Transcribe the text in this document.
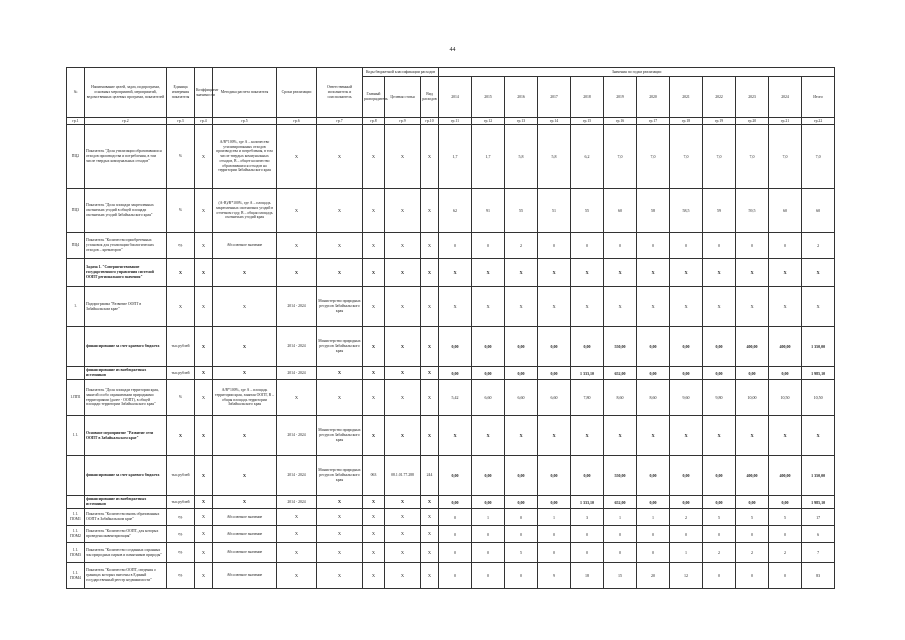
44
№	Наименование целей, задач, подпрограмм, основных мероприятий, мероприятий, ведомственных целевых программ, показателей	Единица измерения показателя	Коэффициент значимости	Методика расчета показателя	Сроки реализации	Ответственный исполнитель и соисполнитель	Коды бюджетной классификации расходов			Значения по годам реализации											
							Главный распорядитель	Целевая статья	Вид расходов	2014	2015	2016	2017	2018	2019	2020	2021	2022	2023	2024	Итого
гр.1	гр.2	гр.3	гр.4	гр.5	гр.6	гр.7	гр.8	гр.9	гр.10	гр.11	гр.12	гр.13	гр.14	гр.15	гр.16	гр.17	гр.18	гр.19	гр.20	гр.21	гр.22
ПЦ2	Показатель "Доля утилизации образовавшихся отходов производства и потребления, в том числе твердых коммунальных отходов"	%	X	А/В*100%, где А – количество утилизированных отходов производства и потребления, в том числе твердых коммунальных отходов, В – общее количество образовавшихся отходов на территории Забайкальского края	X	X	X	X	X	1,7	1,7	5,8	5,8	6,2	7,0	7,0	7,0	7,0	7,0	7,0	7,0
ПЦ3	Показатель "Доля площади закрепленных охотничьих угодий в общей площади охотничьих угодий Забайкальского края"	%	X	(А-В)/В*100%, где А – площадь закрепленных охотничьих угодий в отчетном году, В – общая площадь охотничьих угодий края	X	X	X	X	X	62	91	55	51	55	60	58	58,5	59	59,5	60	60
ПЦ4	Показатель "Количество приобретенных установок для утилизации биологических отходов – крематоров"	ед.	X	Абсолютное значение	X	X	X	X	X	0	0	2	0	0	0	0	0	0	0	0	2
	Задача 1. "Совершенствование государственного управления системой ООПТ регионального значения"	X	X	X	X	X	X	X	X	X	X	X	X	X	X	X	X	X	X	X	X
1.	Подпрограмма "Развитие ООПТ в Забайкальском крае"	X	X	X	2014 - 2024	Министерство природных ресурсов Забайкальского края	X	X	X	X	X	X	X	X	X	X	X	X	X	X	X
	финансирование за счет краевого бюджета	тыс.рублей	X	X	2014 - 2024	Министерство природных ресурсов Забайкальского края	X	X	X	0,00	0,00	0,00	0,00	0,00	550,00	0,00	0,00	0,00	400,00	400,00	1 350,00
	финансирование из внебюджетных источников	тыс.рублей	X	X	2014 - 2024	X	X	X	X	0,00	0,00	0,00	0,00	1 333,10	652,00	0,00	0,00	0,00	0,00	0,00	1 985,10
1.ПП1	Показатель "Доля площади территории края, занятой особо охраняемыми природными территориями (далее - ООПТ), в общей площади территории Забайкальского края"	%	X	А/В*100%, где А – площадь территории края, занятая ООПТ, В – общая площадь территории Забайкальского края	X	X	X	X	X	5,42	6,60	6,60	6,60	7,80	8,60	8,60	9,60	9,80	10,00	10,50	10,50
1.1.	Основное мероприятие "Развитие сети ООПТ в Забайкальском крае"	X	X	X	2014 - 2024	Министерство природных ресурсов Забайкальского края	X	X	X	X	X	X	X	X	X	X	X	X	X	X	X
	финансирование за счет краевого бюджета	тыс.рублей	X	X	2014 - 2024	Министерство природных ресурсов Забайкальского края	063	08.1.01.77.288	244	0,00	0,00	0,00	0,00	0,00	550,00	0,00	0,00	0,00	400,00	400,00	1 350,00
	финансирование из внебюджетных источников	тыс.рублей	X	X	2014 - 2024	X	X	X	X	0,00	0,00	0,00	0,00	1 333,10	652,00	0,00	0,00	0,00	0,00	0,00	1 985,10
1.1. ПОМ1	Показатель "Количество вновь образованных ООПТ в Забайкальском крае"	ед.	X	Абсолютное значение	X	X	X	X	X	0	1	0	1	3	1	1	2	5	5	5	17
1.1. ПОМ2	Показатель "Количество ООПТ, для которых проведена инвентаризация"	ед.	X	Абсолютное значение	X	X	X	X	X	0	0	0	0	0	0	0	0	0	0	0	6
1.1. ПОМ3	Показатель "Количество созданных охранных зон природных парков и памятников природы"	ед.	X	Абсолютное значение	X	X	X	X	X	0	0	5	0	0	0	0	1	2	2	2	7
1.1. ПОМ4	Показатель "Количество ООПТ, сведения о границах которых внесены в Единый государственный реестр недвижимости"	ед.	X	Абсолютное значение	X	X	X	X	X	0	0	0	9	18	15	20	12	0	0	0	83
